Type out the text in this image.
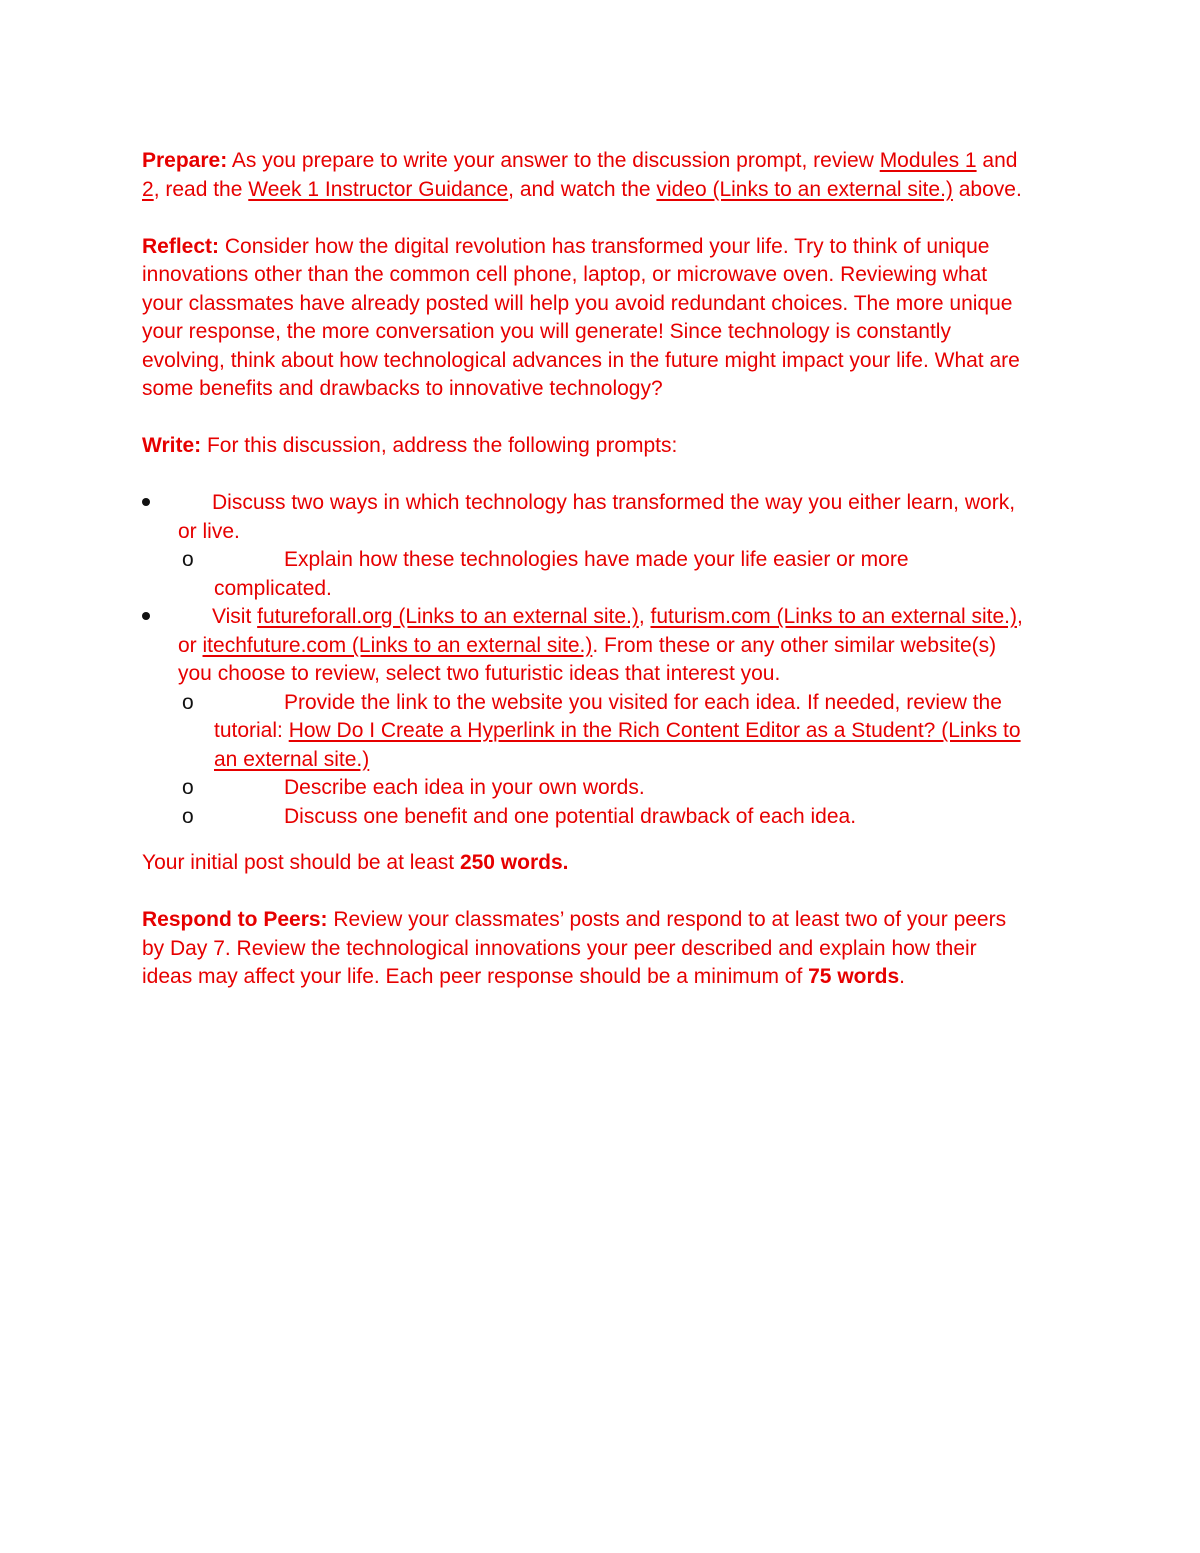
Prepare: As you prepare to write your answer to the discussion prompt, review Modules 1 and 2, read the Week 1 Instructor Guidance, and watch the video (Links to an external site.) above.

Reflect: Consider how the digital revolution has transformed your life. Try to think of unique innovations other than the common cell phone, laptop, or microwave oven. Reviewing what your classmates have already posted will help you avoid redundant choices. The more unique your response, the more conversation you will generate! Since technology is constantly evolving, think about how technological advances in the future might impact your life. What are some benefits and drawbacks to innovative technology?

Write: For this discussion, address the following prompts:

Discuss two ways in which technology has transformed the way you either learn, work, or live.

o	Explain how these technologies have made your life easier or more complicated.

Visit futureforall.org (Links to an external site.), futurism.com (Links to an external site.), or itechfuture.com (Links to an external site.). From these or any other similar website(s) you choose to review, select two futuristic ideas that interest you.

o	Provide the link to the website you visited for each idea. If needed, review the tutorial: How Do I Create a Hyperlink in the Rich Content Editor as a Student? (Links to an external site.)

o	Describe each idea in your own words.

o	Discuss one benefit and one potential drawback of each idea.

Your initial post should be at least 250 words.

Respond to Peers: Review your classmates’ posts and respond to at least two of your peers by Day 7. Review the technological innovations your peer described and explain how their ideas may affect your life. Each peer response should be a minimum of 75 words.
